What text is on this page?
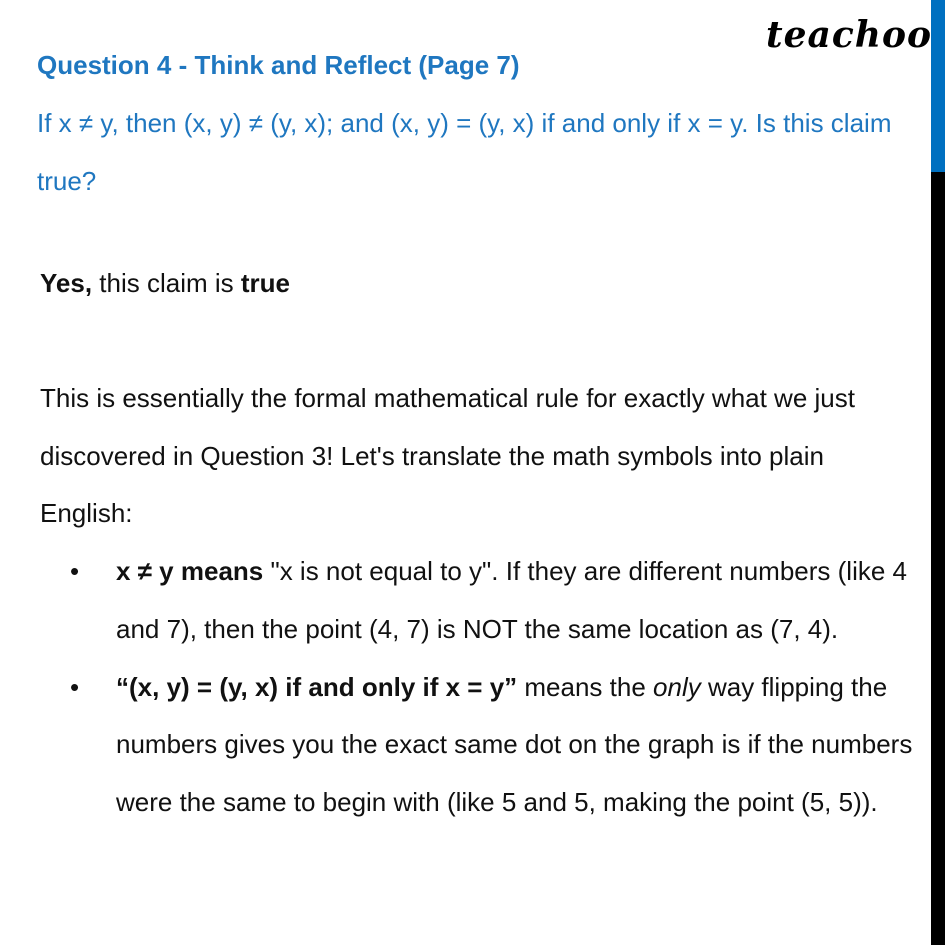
teachoo
Question 4 - Think and Reflect (Page 7)
If x ≠ y, then (x, y) ≠ (y, x); and (x, y) = (y, x) if and only if x = y. Is this claim true?
Yes, this claim is true

This is essentially the formal mathematical rule for exactly what we just discovered in Question 3! Let's translate the math symbols into plain English:

• x ≠ y means "x is not equal to y". If they are different numbers (like 4 and 7), then the point (4, 7) is NOT the same location as (7, 4).
• “(x, y) = (y, x) if and only if x = y” means the only way flipping the numbers gives you the exact same dot on the graph is if the numbers were the same to begin with (like 5 and 5, making the point (5, 5)).
